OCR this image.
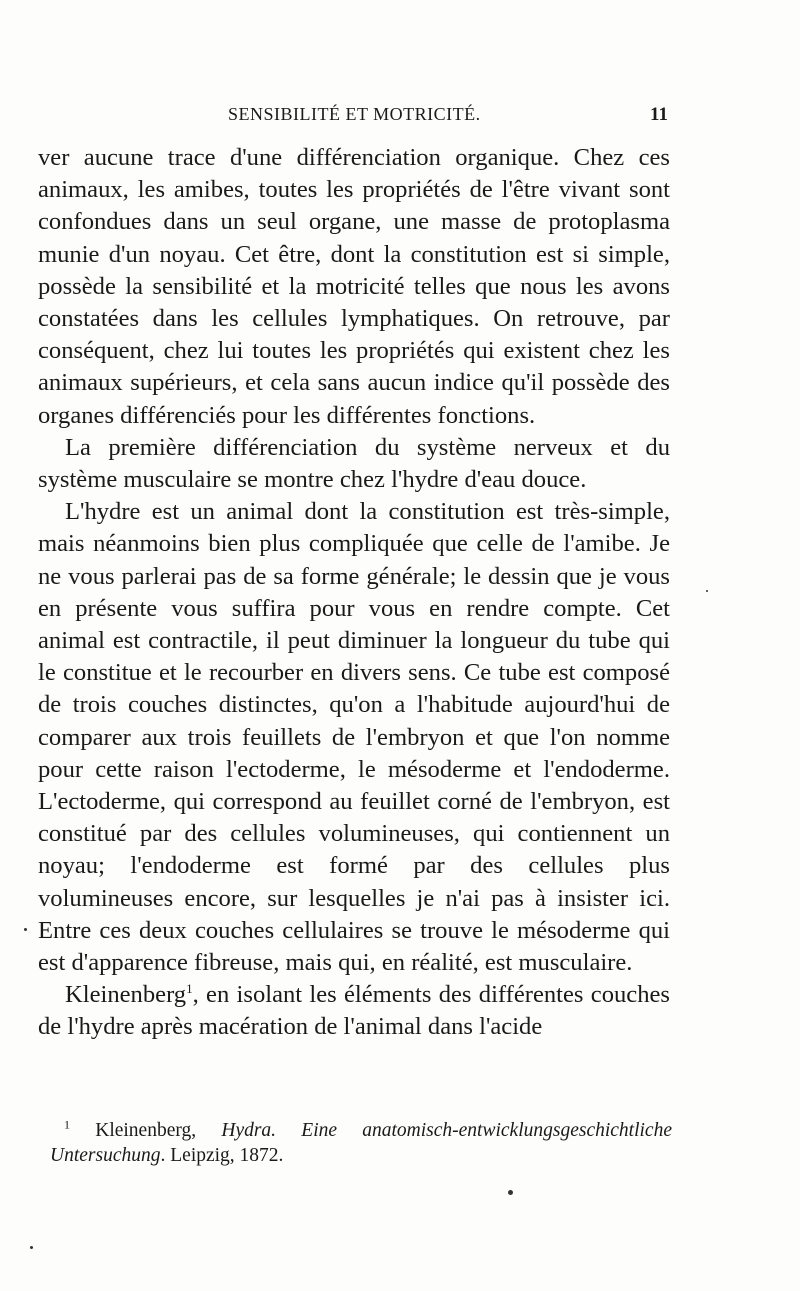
SENSIBILITÉ ET MOTRICITÉ.	11

ver aucune trace d'une différenciation organique. Chez ces animaux, les amibes, toutes les propriétés de l'être vivant sont confondues dans un seul organe, une masse de protoplasma munie d'un noyau. Cet être, dont la constitution est si simple, possède la sensibilité et la motricité telles que nous les avons constatées dans les cellules lymphatiques. On retrouve, par conséquent, chez lui toutes les propriétés qui existent chez les animaux supérieurs, et cela sans aucun indice qu'il possède des organes différenciés pour les différentes fonctions.

La première différenciation du système nerveux et du système musculaire se montre chez l'hydre d'eau douce.

L'hydre est un animal dont la constitution est très-simple, mais néanmoins bien plus compliquée que celle de l'amibe. Je ne vous parlerai pas de sa forme générale; le dessin que je vous en présente vous suffira pour vous en rendre compte. Cet animal est contractile, il peut diminuer la longueur du tube qui le constitue et le recourber en divers sens. Ce tube est composé de trois couches distinctes, qu'on a l'habitude aujourd'hui de comparer aux trois feuillets de l'embryon et que l'on nomme pour cette raison l'ectoderme, le mésoderme et l'endoderme. L'ectoderme, qui correspond au feuillet corné de l'embryon, est constitué par des cellules volumineuses, qui contiennent un noyau; l'endoderme est formé par des cellules plus volumineuses encore, sur lesquelles je n'ai pas à insister ici. Entre ces deux couches cellulaires se trouve le mésoderme qui est d'apparence fibreuse, mais qui, en réalité, est musculaire.

Kleinenberg$^1$, en isolant les éléments des différentes couches de l'hydre après macération de l'animal dans l'acide

$^1$ Kleinenberg, Hydra. Eine anatomisch-entwicklungsgeschichtliche Untersuchung. Leipzig, 1872.
